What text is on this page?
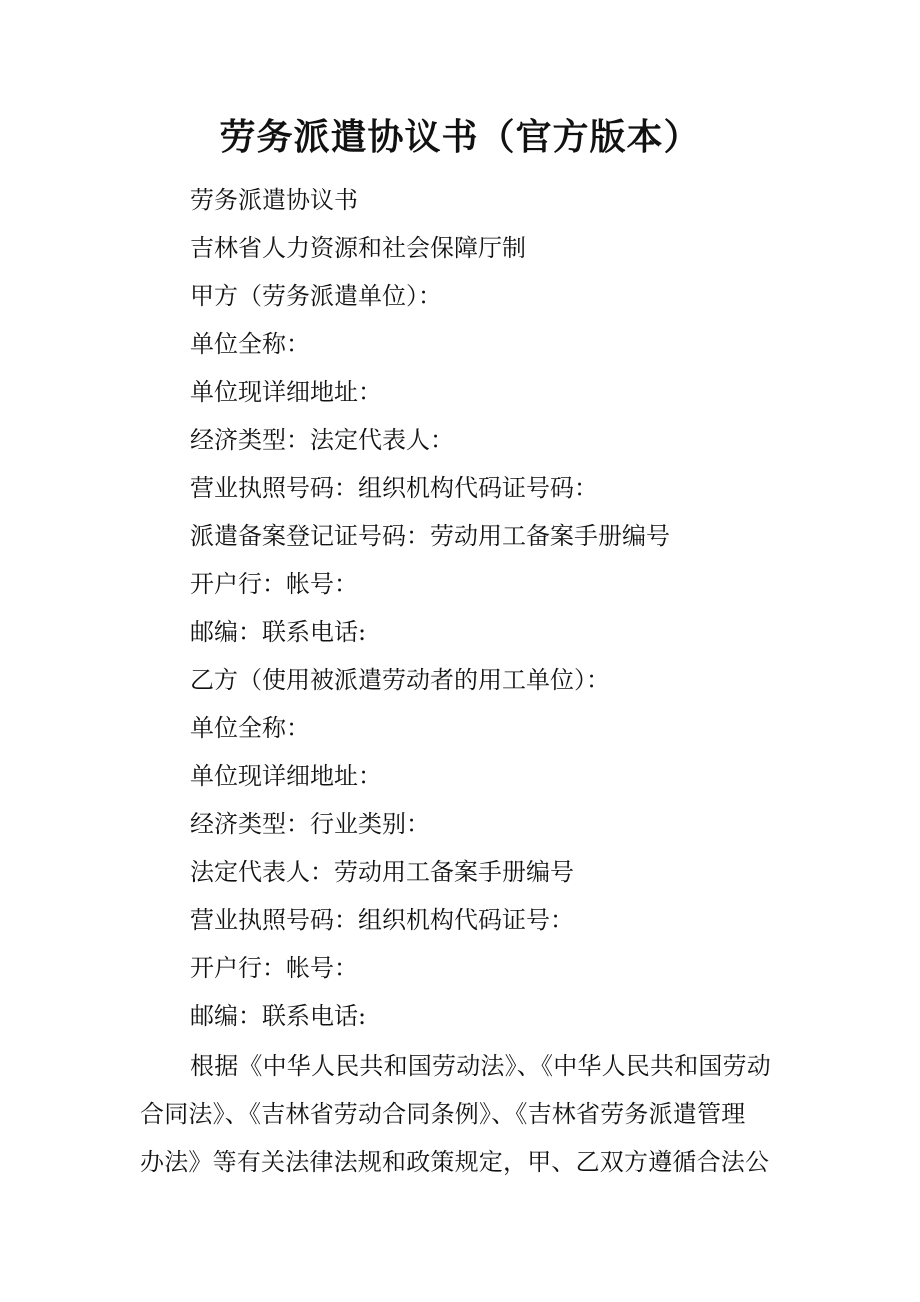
劳务派遣协议书（官方版本）
劳务派遣协议书
吉林省人力资源和社会保障厅制
甲方（劳务派遣单位）：
单位全称：
单位现详细地址：
经济类型：法定代表人：
营业执照号码：组织机构代码证号码：
派遣备案登记证号码：劳动用工备案手册编号
开户行：帐号：
邮编：联系电话:
乙方（使用被派遣劳动者的用工单位）：
单位全称：
单位现详细地址：
经济类型：行业类别：
法定代表人：劳动用工备案手册编号
营业执照号码：组织机构代码证号：
开户行：帐号：
邮编：联系电话:
根据《中华人民共和国劳动法》、《中华人民共和国劳动
合同法》、《吉林省劳动合同条例》、《吉林省劳务派遣管理
办法》等有关法律法规和政策规定，甲、乙双方遵循合法公
